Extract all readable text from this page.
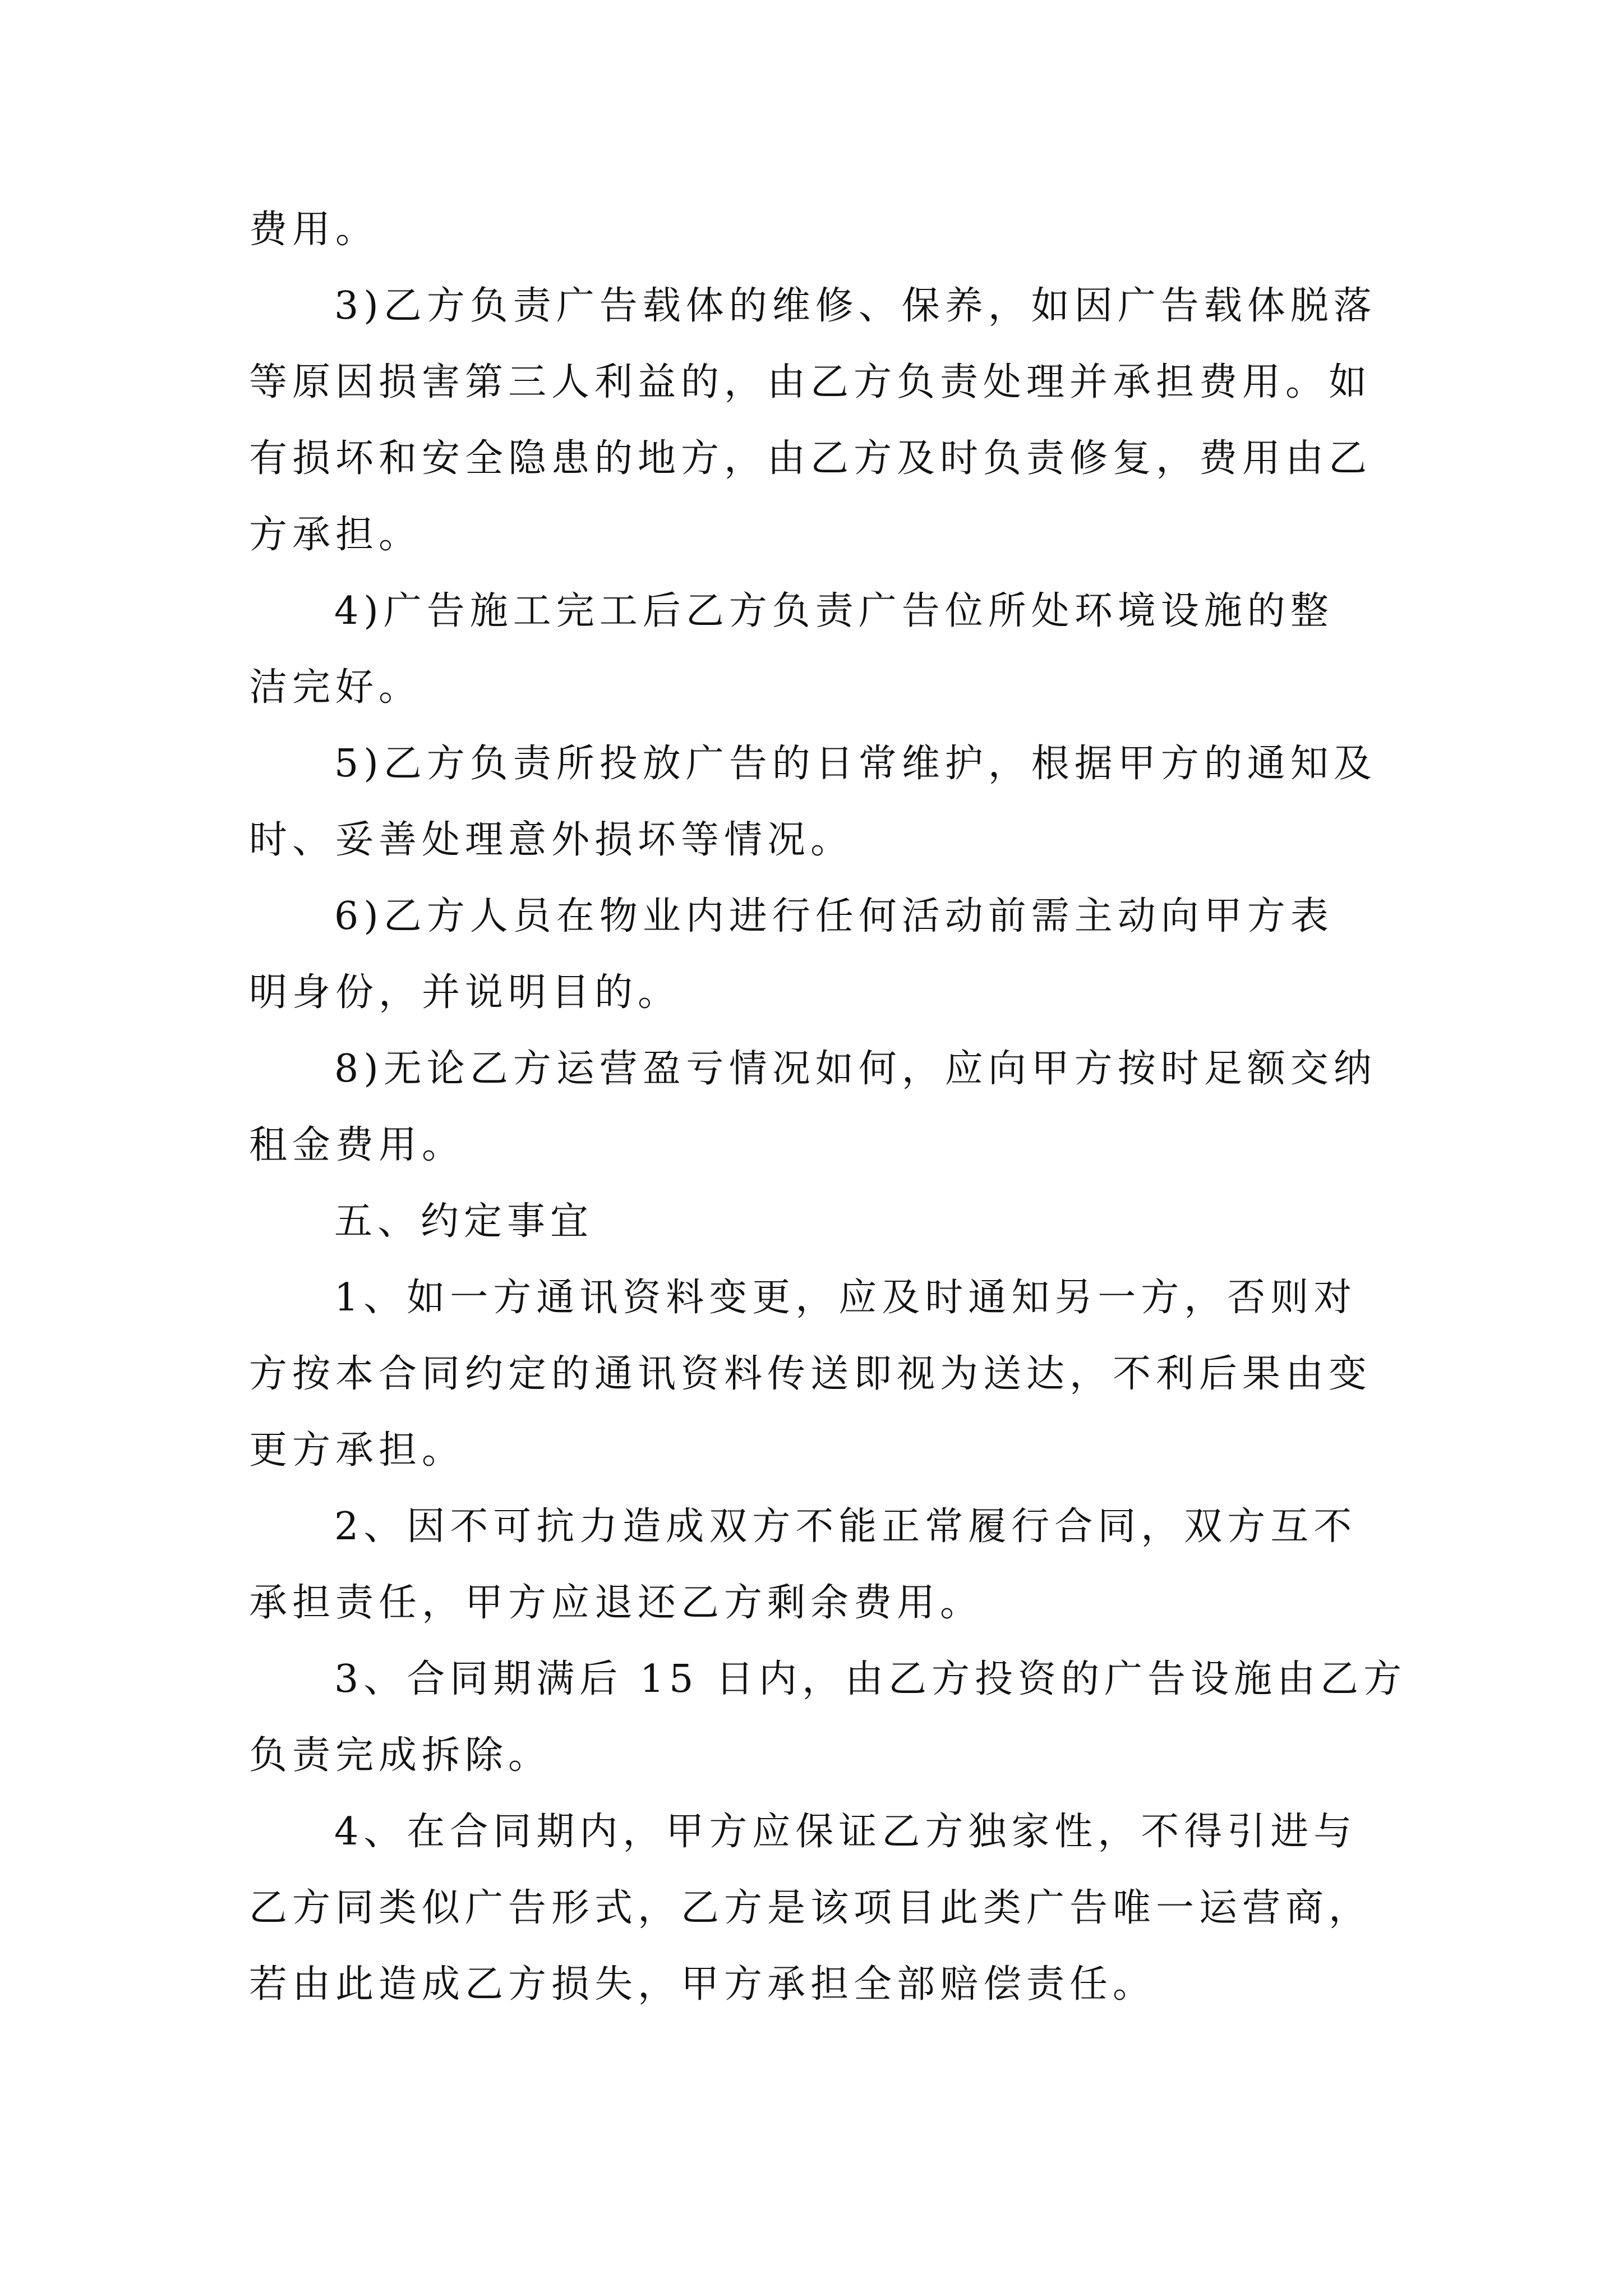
费用。
3)乙方负责广告载体的维修、保养，如因广告载体脱落
等原因损害第三人利益的，由乙方负责处理并承担费用。如
有损坏和安全隐患的地方，由乙方及时负责修复，费用由乙
方承担。
4)广告施工完工后乙方负责广告位所处环境设施的整
洁完好。
5)乙方负责所投放广告的日常维护，根据甲方的通知及
时、妥善处理意外损坏等情况。
6)乙方人员在物业内进行任何活动前需主动向甲方表
明身份，并说明目的。
8)无论乙方运营盈亏情况如何，应向甲方按时足额交纳
租金费用。
五、约定事宜
1、如一方通讯资料变更，应及时通知另一方，否则对
方按本合同约定的通讯资料传送即视为送达，不利后果由变
更方承担。
2、因不可抗力造成双方不能正常履行合同，双方互不
承担责任，甲方应退还乙方剩余费用。
3、合同期满后 15 日内，由乙方投资的广告设施由乙方
负责完成拆除。
4、在合同期内，甲方应保证乙方独家性，不得引进与
乙方同类似广告形式，乙方是该项目此类广告唯一运营商，
若由此造成乙方损失，甲方承担全部赔偿责任。
